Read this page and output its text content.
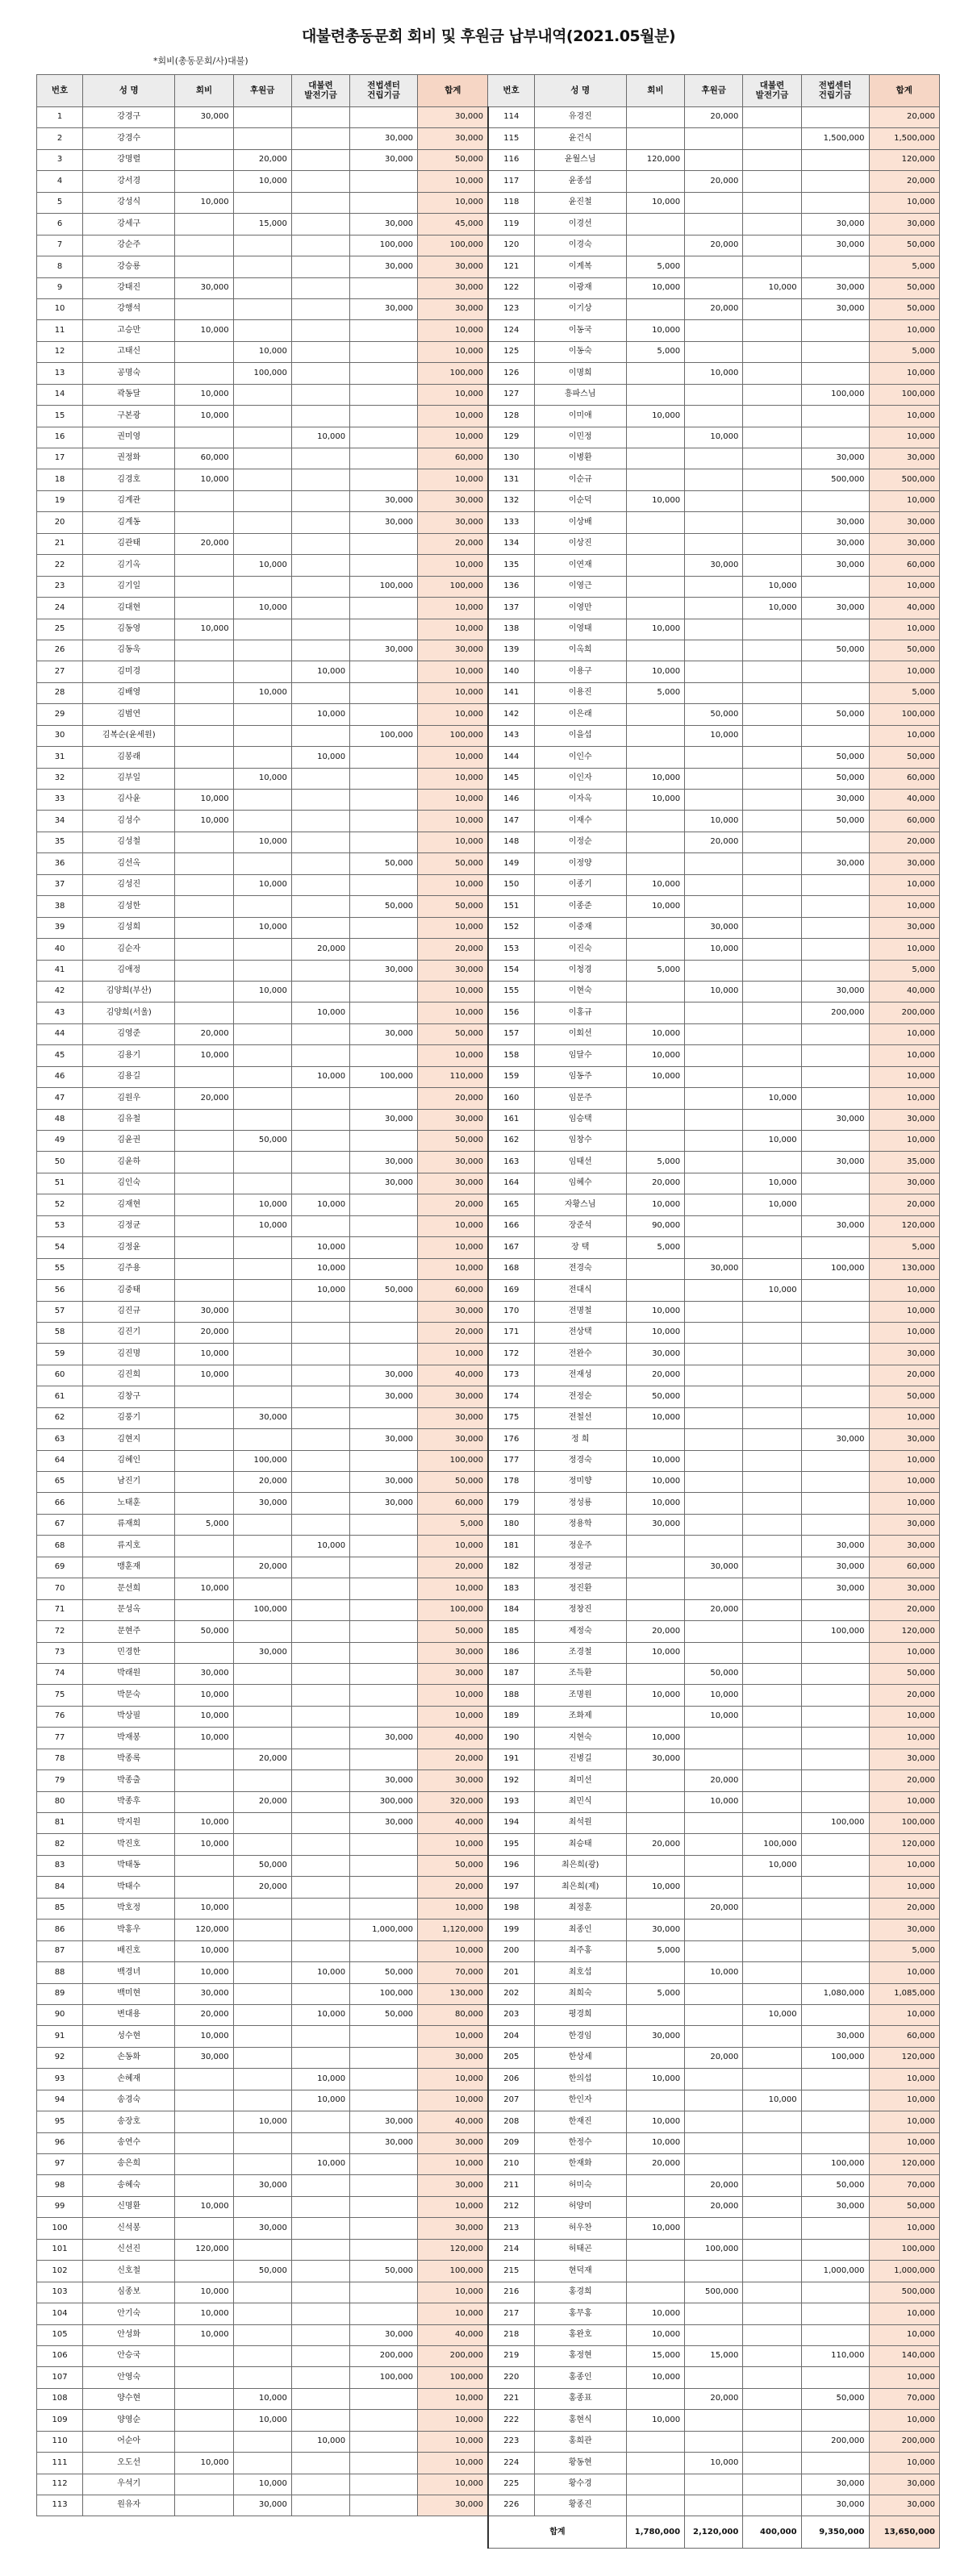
대불련총동문회 회비 및 후원금 납부내역(2021.05월분)
*회비(총동문회/사)대불)
번호	성 명	회비	후원금	대불련
발전기금	전법센터
건립기금	합계	번호	성 명	회비	후원금	대불련
발전기금	전법센터
건립기금	합계
1	강경구	30,000				30,000	114	유경진		20,000			20,000
2	강경수				30,000	30,000	115	윤건식				1,500,000	1,500,000
3	강명렬		20,000		30,000	50,000	116	윤월스님	120,000				120,000
4	강서경		10,000			10,000	117	윤종섭		20,000			20,000
5	강성식	10,000				10,000	118	윤진철	10,000				10,000
6	강세구		15,000		30,000	45,000	119	이경선				30,000	30,000
7	강순주				100,000	100,000	120	이경숙		20,000		30,000	50,000
8	강승룡				30,000	30,000	121	이계복	5,000				5,000
9	강태진	30,000				30,000	122	이광재	10,000		10,000	30,000	50,000
10	강행석				30,000	30,000	123	이기상		20,000		30,000	50,000
11	고승만	10,000				10,000	124	이동국	10,000				10,000
12	고태신		10,000			10,000	125	이동숙	5,000				5,000
13	공명숙		100,000			100,000	126	이명희		10,000			10,000
14	곽동달	10,000				10,000	127	흥파스님				100,000	100,000
15	구본광	10,000				10,000	128	이미애	10,000				10,000
16	권미영			10,000		10,000	129	이민정		10,000			10,000
17	권정화	60,000				60,000	130	이병환				30,000	30,000
18	김경호	10,000				10,000	131	이순규				500,000	500,000
19	김계관				30,000	30,000	132	이순덕	10,000				10,000
20	김계동				30,000	30,000	133	이상배				30,000	30,000
21	김관태	20,000				20,000	134	이상진				30,000	30,000
22	김기옥		10,000			10,000	135	이연재		30,000		30,000	60,000
23	김기일				100,000	100,000	136	이영근			10,000		10,000
24	김대현		10,000			10,000	137	이영만			10,000	30,000	40,000
25	김동영	10,000				10,000	138	이영태	10,000				10,000
26	김동욱				30,000	30,000	139	이옥희				50,000	50,000
27	김미경			10,000		10,000	140	이용구	10,000				10,000
28	김배영		10,000			10,000	141	이용진	5,000				5,000
29	김범연			10,000		10,000	142	이은래		50,000		50,000	100,000
30	김복순(윤세원)				100,000	100,000	143	이을섭		10,000			10,000
31	김봉래			10,000		10,000	144	이인수				50,000	50,000
32	김부일		10,000			10,000	145	이인자	10,000			50,000	60,000
33	김사윤	10,000				10,000	146	이자옥	10,000			30,000	40,000
34	김성수	10,000				10,000	147	이재수		10,000		50,000	60,000
35	김성철		10,000			10,000	148	이정순		20,000			20,000
36	김선옥				50,000	50,000	149	이정양				30,000	30,000
37	김성진		10,000			10,000	150	이종기	10,000				10,000
38	김성한				50,000	50,000	151	이종준	10,000				10,000
39	김성희		10,000			10,000	152	이중재		30,000			30,000
40	김순자			20,000		20,000	153	이진숙		10,000			10,000
41	김애정				30,000	30,000	154	이청경	5,000				5,000
42	김양희(부산)		10,000			10,000	155	이현숙		10,000		30,000	40,000
43	김양희(서울)			10,000		10,000	156	이홍규				200,000	200,000
44	김영준	20,000			30,000	50,000	157	이회선	10,000				10,000
45	김용기	10,000				10,000	158	임달수	10,000				10,000
46	김용길			10,000	100,000	110,000	159	임동주	10,000				10,000
47	김원우	20,000				20,000	160	임문주			10,000		10,000
48	김유철				30,000	30,000	161	임승택				30,000	30,000
49	김윤권		50,000			50,000	162	임창수			10,000		10,000
50	김윤하				30,000	30,000	163	임태선	5,000			30,000	35,000
51	김인숙				30,000	30,000	164	임혜수	20,000		10,000		30,000
52	김재현		10,000	10,000		20,000	165	자황스님	10,000		10,000		20,000
53	김정균		10,000			10,000	166	장준석	90,000			30,000	120,000
54	김정윤			10,000		10,000	167	장 택	5,000				5,000
55	김주용			10,000		10,000	168	전경숙		30,000		100,000	130,000
56	김중태			10,000	50,000	60,000	169	전대식			10,000		10,000
57	김진규	30,000				30,000	170	전명철	10,000				10,000
58	김진기	20,000				20,000	171	전상택	10,000				10,000
59	김진명	10,000				10,000	172	전완수	30,000				30,000
60	김진희	10,000			30,000	40,000	173	전재성	20,000				20,000
61	김창구				30,000	30,000	174	전정순	50,000				50,000
62	김풍기		30,000			30,000	175	전철선	10,000				10,000
63	김현지				30,000	30,000	176	정 희				30,000	30,000
64	김혜인		100,000			100,000	177	정경숙	10,000				10,000
65	남진기		20,000		30,000	50,000	178	정미향	10,000				10,000
66	노태훈		30,000		30,000	60,000	179	정성룡	10,000				10,000
67	류재희	5,000				5,000	180	정용학	30,000				30,000
68	류지호			10,000		10,000	181	정운주				30,000	30,000
69	맹훈재		20,000			20,000	182	정정균		30,000		30,000	60,000
70	문선희	10,000				10,000	183	정진환				30,000	30,000
71	문성옥		100,000			100,000	184	정창진		20,000			20,000
72	문현주	50,000				50,000	185	제정숙	20,000			100,000	120,000
73	민경한		30,000			30,000	186	조경철	10,000				10,000
74	박래원	30,000				30,000	187	조득환		50,000			50,000
75	박문숙	10,000				10,000	188	조명원	10,000	10,000			20,000
76	박상필	10,000				10,000	189	조화제		10,000			10,000
77	박재봉	10,000			30,000	40,000	190	지현숙	10,000				10,000
78	박종록		20,000			20,000	191	진병길	30,000				30,000
79	박종출				30,000	30,000	192	최미선		20,000			20,000
80	박종후		20,000		300,000	320,000	193	최민식		10,000			10,000
81	박지원	10,000			30,000	40,000	194	최석원				100,000	100,000
82	박진호	10,000				10,000	195	최승태	20,000		100,000		120,000
83	박태동		50,000			50,000	196	최은희(광)			10,000		10,000
84	박태수		20,000			20,000	197	최은희(제)	10,000				10,000
85	박호정	10,000				10,000	198	최정훈		20,000			20,000
86	박홍우	120,000			1,000,000	1,120,000	199	최종인	30,000				30,000
87	배진호	10,000				10,000	200	최주홍	5,000				5,000
88	백경녀	10,000		10,000	50,000	70,000	201	최호섭		10,000			10,000
89	백미현	30,000			100,000	130,000	202	최희숙	5,000			1,080,000	1,085,000
90	변대용	20,000		10,000	50,000	80,000	203	평경희			10,000		10,000
91	성수현	10,000				10,000	204	한경임	30,000			30,000	60,000
92	손동화	30,000				30,000	205	한상세		20,000		100,000	120,000
93	손혜재			10,000		10,000	206	한의섭	10,000				10,000
94	송경숙			10,000		10,000	207	한인자			10,000		10,000
95	송장호		10,000		30,000	40,000	208	한재진	10,000				10,000
96	송연수				30,000	30,000	209	한정수	10,000				10,000
97	송은희			10,000		10,000	210	한재화	20,000			100,000	120,000
98	송혜숙		30,000			30,000	211	허미숙		20,000		50,000	70,000
99	신명환	10,000				10,000	212	허양미		20,000		30,000	50,000
100	신석봉		30,000			30,000	213	허우찬	10,000				10,000
101	신선진	120,000				120,000	214	허태곤		100,000			100,000
102	신호철		50,000		50,000	100,000	215	현덕재				1,000,000	1,000,000
103	심종보	10,000				10,000	216	홍경희		500,000			500,000
104	안기숙	10,000				10,000	217	홍무홍	10,000				10,000
105	안성화	10,000			30,000	40,000	218	홍완호	10,000				10,000
106	안승국				200,000	200,000	219	홍정현	15,000	15,000		110,000	140,000
107	안영숙				100,000	100,000	220	홍종인	10,000				10,000
108	양수현		10,000			10,000	221	홍종표		20,000		50,000	70,000
109	양영순		10,000			10,000	222	홍현식	10,000				10,000
110	어순아			10,000		10,000	223	홍희관				200,000	200,000
111	오도선	10,000				10,000	224	황동현		10,000			10,000
112	우석기		10,000			10,000	225	황수경				30,000	30,000
113	원유자		30,000			30,000	226	황종진				30,000	30,000
							합계		1,780,000	2,120,000	400,000	9,350,000	13,650,000
